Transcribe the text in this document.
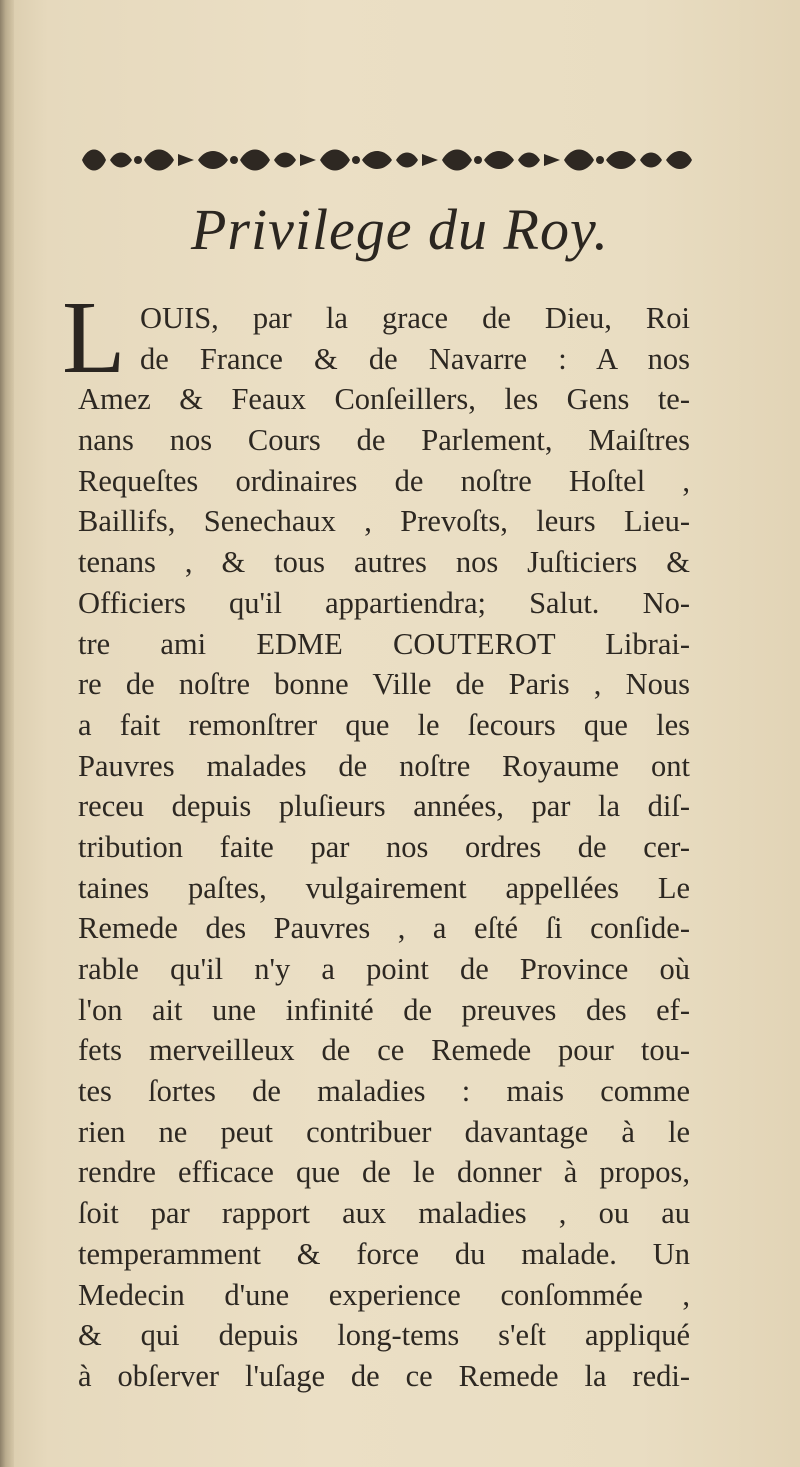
Privilege du Roy.
L OUIS, par la grace de Dieu, Roi
de France & de Navarre : A nos
Amez & Feaux Conſeillers, les Gens te-
nans nos Cours de Parlement, Maiſtres
Requeſtes ordinaires de noſtre Hoſtel ,
Baillifs, Senechaux , Prevoſts, leurs Lieu-
tenans , & tous autres nos Juſticiers &
Officiers qu'il appartiendra; Salut. No-
tre ami EDME COUTEROT Librai-
re de noſtre bonne Ville de Paris , Nous
a fait remonſtrer que le ſecours que les
Pauvres malades de noſtre Royaume ont
receu depuis pluſieurs années, par la diſ-
tribution faite par nos ordres de cer-
taines paſtes, vulgairement appellées Le
Remede des Pauvres , a eſté ſi conſide-
rable qu'il n'y a point de Province où
l'on ait une infinité de preuves des ef-
fets merveilleux de ce Remede pour tou-
tes ſortes de maladies : mais comme
rien ne peut contribuer davantage à le
rendre efficace que de le donner à propos,
ſoit par rapport aux maladies , ou au
temperamment & force du malade. Un
Medecin d'une experience conſommée ,
& qui depuis long-tems s'eſt appliqué
à obſerver l'uſage de ce Remede la redi-
